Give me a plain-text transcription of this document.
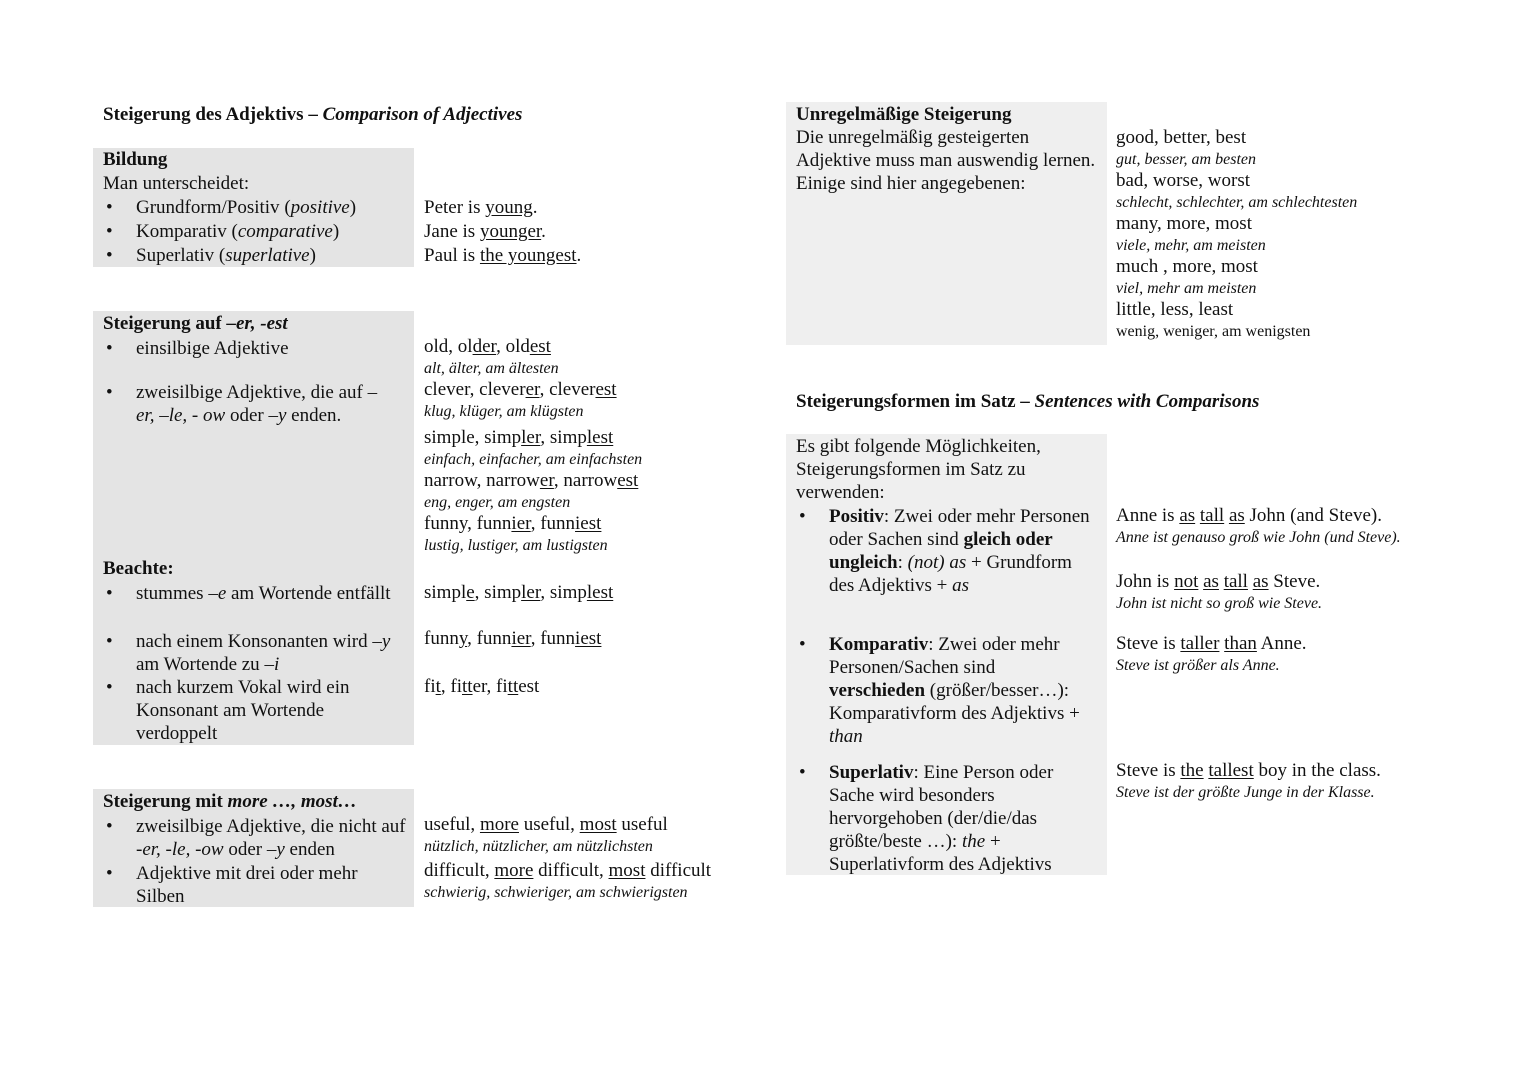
Steigerung des Adjektivs – Comparison of Adjectives
Bildung
Man unterscheidet:
• Grundform/Positiv (positive)
• Komparativ (comparative)
• Superlativ (superlative)
Peter is young.
Jane is younger.
Paul is the youngest.
Steigerung auf –er, -est
• einsilbige Adjektive
• zweisilbige Adjektive, die auf –
er, –le, - ow oder –y enden.
old, older, oldest
alt, älter, am ältesten
clever, cleverer, cleverest
klug, klüger, am klügsten
simple, simpler, simplest
einfach, einfacher, am einfachsten
narrow, narrower, narrowest
eng, enger, am engsten
funny, funnier, funniest
lustig, lustiger, am lustigsten
Beachte:
• stummes –e am Wortende entfällt
• nach einem Konsonanten wird –y am Wortende zu –i
• nach kurzem Vokal wird ein Konsonant am Wortende verdoppelt
simple, simpler, simplest
funny, funnier, funniest
fit, fitter, fittest
Steigerung mit more …, most…
• zweisilbige Adjektive, die nicht auf -er, -le, -ow oder –y enden
• Adjektive mit drei oder mehr Silben
useful, more useful, most useful
nützlich, nützlicher, am nützlichsten
difficult, more difficult, most difficult
schwierig, schwieriger, am schwierigsten
Unregelmäßige Steigerung
Die unregelmäßig gesteigerten Adjektive muss man auswendig lernen. Einige sind hier angegebenen:
good, better, best
gut, besser, am besten
bad, worse, worst
schlecht, schlechter, am schlechtesten
many, more, most
viele, mehr, am meisten
much , more, most
viel, mehr am meisten
little, less, least
wenig, weniger, am wenigsten
Steigerungsformen im Satz – Sentences with Comparisons
Es gibt folgende Möglichkeiten, Steigerungsformen im Satz zu verwenden:
• Positiv: Zwei oder mehr Personen oder Sachen sind gleich oder ungleich: (not) as + Grundform des Adjektivs + as
• Komparativ: Zwei oder mehr Personen/Sachen sind verschieden (größer/besser…): Komparativform des Adjektivs + than
• Superlativ: Eine Person oder Sache wird besonders hervorgehoben (der/die/das größte/beste …): the + Superlativform des Adjektivs
Anne is as tall as John (and Steve).
Anne ist genauso groß wie John (und Steve).
John is not as tall as Steve.
John ist nicht so groß wie Steve.
Steve is taller than Anne.
Steve ist größer als Anne.
Steve is the tallest boy in the class.
Steve ist der größte Junge in der Klasse.
